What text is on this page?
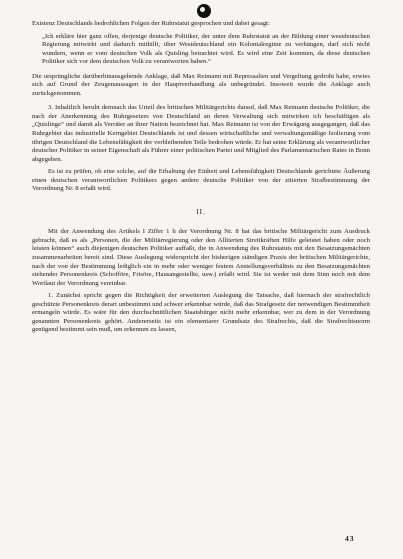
Existenz Deutschlands bedrohlichen Folgen der Ruhrstatut gesprochen und dabei gesagt:

„Ich erkläre hier ganz offen, derjenige deutsche Politiker, der unter dem Ruhrstatut an der Bildung einer westdeutschen Regierung mitwirkt und dadurch mithilft, über Westdeutschland ein Kolonialregime zu verhängen, darf sich nicht wundern, wenn er vom deutschen Volk als Quisling betrachtet wird. Es wird eine Zeit kommen, da diese deutschen Politiker sich vor dem deutschen Volk zu verantworten haben.“

Die ursprüngliche darüberhinausgehende Anklage, daß Max Reimann mit Repressalien und Vergeltung gedroht habe, erwies sich auf Grund der Zeugenaussagen in der Hauptverhandlung als unbegründet. Insoweit wurde die Anklage auch zurückgenommen.

3. Inhaltlich beruht demnach das Urteil des britischen Militärgerichts darauf, daß Max Reimann deutsche Politiker, die nach der Anerkennung des Ruhrgesetzes von Deutschland an deren Verwaltung sich mitwirken ich beschäftigen als „Quislinge“ und damit als Verräter an ihrer Nation bezeichnet hat. Max Reimann ist von der Erwägung ausgegangen, daß das Ruhrgebiet das industrielle Kerngebiet Deutschlands ist und dessen wirtschaftliche und verwaltungsmäßige Isolierung vom übrigen Deutschland die Lebensfähigkeit der verbleibenden Teile bedrohen würde. Er hat seine Erklärung als verantwortlicher deutscher Politiker in seiner Eigenschaft als Führer einer politischen Partei und Mitglied des Parlamentarischen Rates in Bonn abgegeben.

Es ist zu prüfen, ob eine solche, auf die Erhaltung der Einheit und Lebensfähigkeit Deutschlands gerichtete Äußerung einen deutschen verantwortlichen Politikers gegen andere deutsche Politiker von der zitierten Strafbestimmung der Verordnung Nr. 8 erfaßt wird.

II.

Mit der Anwendung des Artikels I Ziffer 1 h der Verordnung Nr. 8 hat das britische Militärgericht zum Ausdruck gebracht, daß es als „Personen, die der Militärregierung oder den Alliierten Streitkräften Hilfe geleistet haben oder noch leisten können“ auch diejenigen deutschen Politiker auffaßt, die in Anwendung des Ruhrstatuts mit den Besatzungsmächten zusammenarbeiten bereit sind. Diese Auslegung widerspricht der bisherigen ständigen Praxis der britischen Militärgerichte, nach der von der Bestimmung lediglich ein in mehr oder weniger festem Anstellungsverhältnis zu den Besatzungsmächten stehender Personenkreis (Schofföre, Frisöre, Hausangestellte, usw.) erfaßt wird. Sie ist weder mit dem Sinn noch mit dem Wortlaut der Verordnung vereinbar.

1. Zunächst spricht gegen die Richtigkeit der erweiterten Auslegung die Tatsache, daß hiernach der strafrechtlich geschützte Personenkreis derart unbestimmt und schwer erkennbar würde, daß das Strafgesetz der notwendigen Bestimmtheit ermangeln würde. Es wäre für den durchschnittlichen Staatsbürger nicht mehr erkennbar, wer zu dem in der Verordnung genannten Personenkreis gehört. Andererseits ist ein elementarer Grundsatz des Strafrechts, daß die Strafrechtsnorm genügend bestimmt sein muß, um erkennen zu lassen,

43
